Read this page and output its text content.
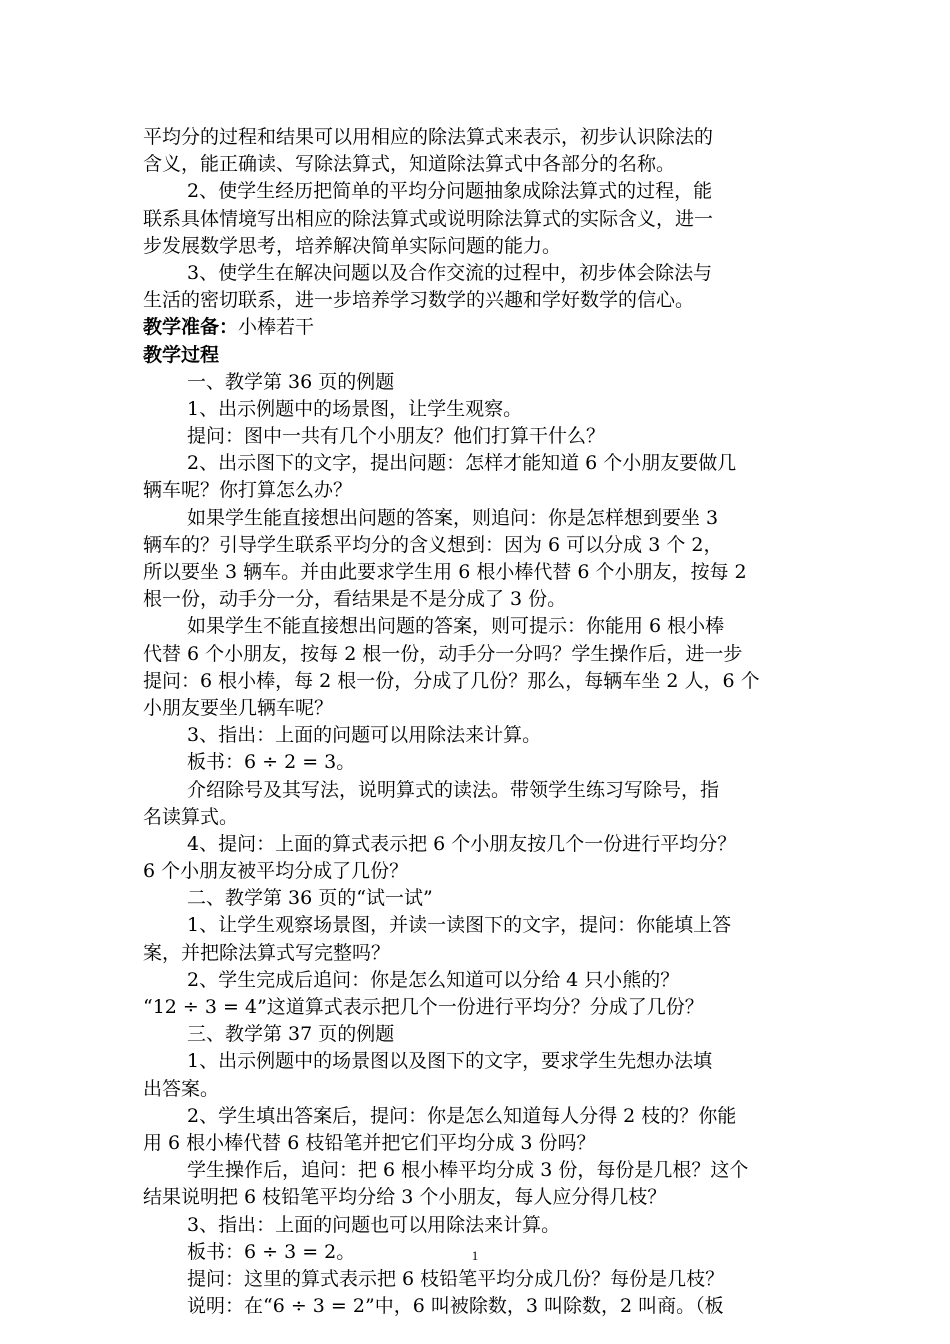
平均分的过程和结果可以用相应的除法算式来表示，初步认识除法的
含义，能正确读、写除法算式，知道除法算式中各部分的名称。
2、使学生经历把简单的平均分问题抽象成除法算式的过程，能
联系具体情境写出相应的除法算式或说明除法算式的实际含义，进一
步发展数学思考，培养解决简单实际问题的能力。
3、使学生在解决问题以及合作交流的过程中，初步体会除法与
生活的密切联系，进一步培养学习数学的兴趣和学好数学的信心。
教学准备：小棒若干
教学过程
一、教学第 36 页的例题
1、出示例题中的场景图，让学生观察。
提问：图中一共有几个小朋友？他们打算干什么？
2、出示图下的文字，提出问题：怎样才能知道 6 个小朋友要做几
辆车呢？你打算怎么办？
如果学生能直接想出问题的答案，则追问：你是怎样想到要坐 3
辆车的？引导学生联系平均分的含义想到：因为 6 可以分成 3 个 2，
所以要坐 3 辆车。并由此要求学生用 6 根小棒代替 6 个小朋友，按每 2
根一份，动手分一分，看结果是不是分成了 3 份。
如果学生不能直接想出问题的答案，则可提示：你能用 6 根小棒
代替 6 个小朋友，按每 2 根一份，动手分一分吗？学生操作后，进一步
提问：6 根小棒，每 2 根一份，分成了几份？那么，每辆车坐 2 人，6 个
小朋友要坐几辆车呢？
3、指出：上面的问题可以用除法来计算。
板书：6 ÷ 2 = 3。
介绍除号及其写法，说明算式的读法。带领学生练习写除号，指
名读算式。
4、提问：上面的算式表示把 6 个小朋友按几个一份进行平均分？
6 个小朋友被平均分成了几份？
二、教学第 36 页的“试一试”
1、让学生观察场景图，并读一读图下的文字，提问：你能填上答
案，并把除法算式写完整吗？
2、学生完成后追问：你是怎么知道可以分给 4 只小熊的？
“12 ÷ 3 = 4”这道算式表示把几个一份进行平均分？分成了几份？
三、教学第 37 页的例题
1、出示例题中的场景图以及图下的文字，要求学生先想办法填
出答案。
2、学生填出答案后，提问：你是怎么知道每人分得 2 枝的？你能
用 6 根小棒代替 6 枝铅笔并把它们平均分成 3 份吗？
学生操作后，追问：把 6 根小棒平均分成 3 份，每份是几根？这个
结果说明把 6 枝铅笔平均分给 3 个小朋友，每人应分得几枝？
3、指出：上面的问题也可以用除法来计算。
板书：6 ÷ 3 = 2。
提问：这里的算式表示把 6 枝铅笔平均分成几份？每份是几枝？
说明：在“6 ÷ 3 = 2”中，6 叫被除数，3 叫除数，2 叫商。（板
1
